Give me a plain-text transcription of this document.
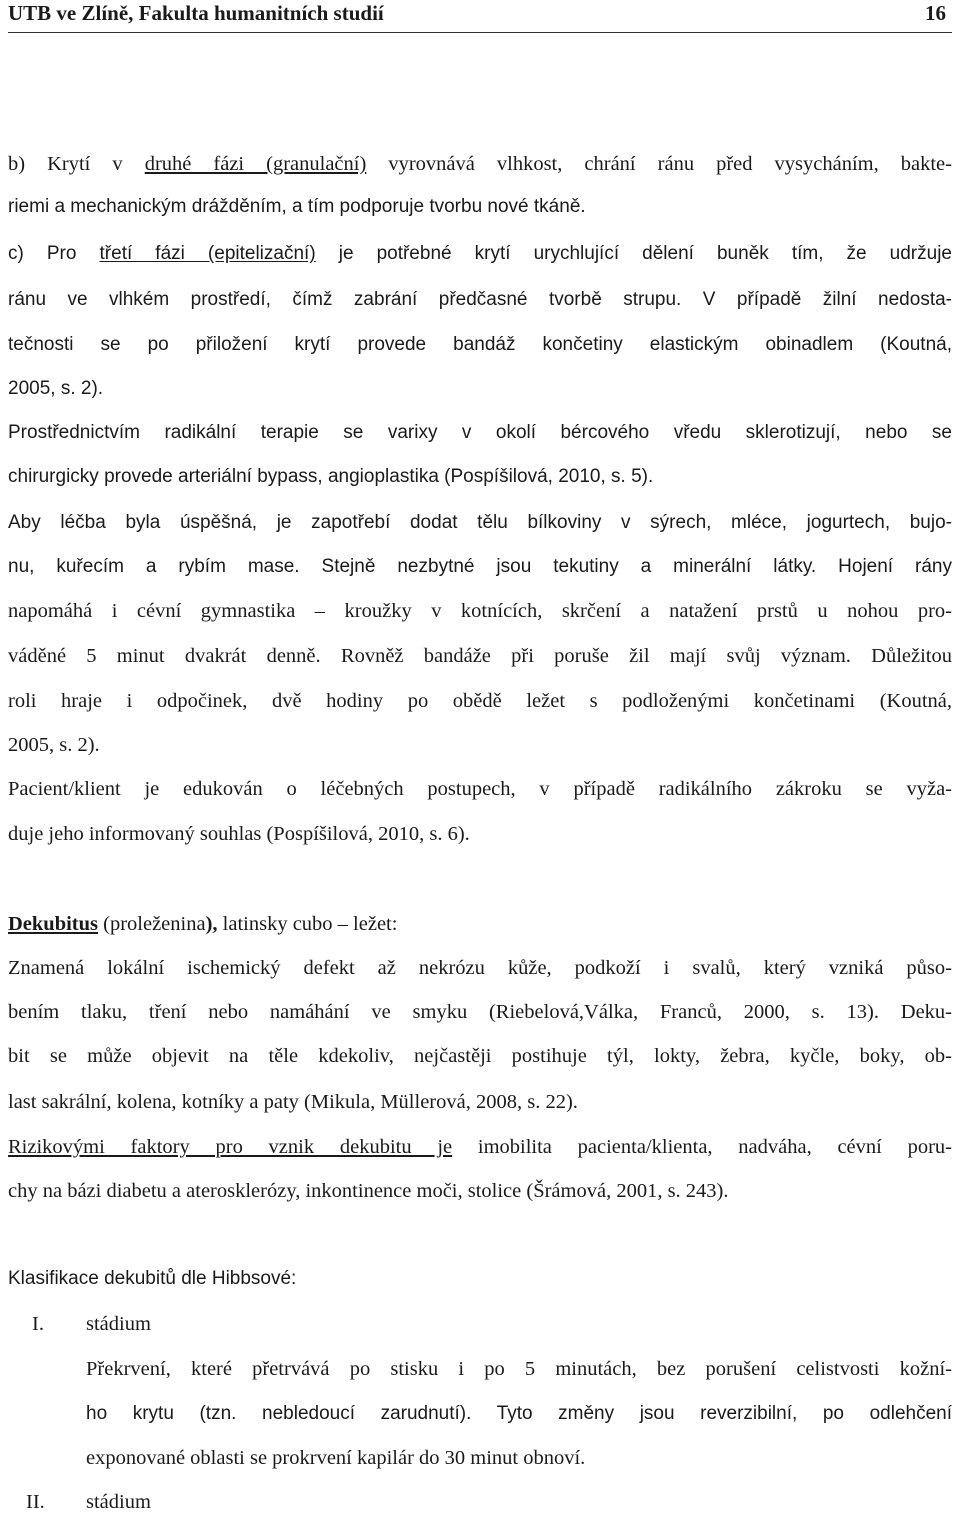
UTB ve Zlíně, Fakulta humanitních studií	16
b) Krytí v druhé fázi (granulační) vyrovnává vlhkost, chrání ránu před vysycháním, bakte-
riemi a mechanickým drážděním, a tím podporuje tvorbu nové tkáně.
c) Pro třetí fázi (epitelizační) je potřebné krytí urychlující dělení buněk tím, že udržuje
ránu ve vlhkém prostředí, čímž zabrání předčasné tvorbě strupu. V případě žilní nedosta-
tečnosti se po přiložení krytí provede bandáž končetiny elastickým obinadlem (Koutná,
2005, s. 2).
Prostřednictvím radikální terapie se varixy v okolí bércového vředu sklerotizují, nebo se
chirurgicky provede arteriální bypass, angioplastika (Pospíšilová, 2010, s. 5).
Aby léčba byla úspěšná, je zapotřebí dodat tělu bílkoviny v sýrech, mléce, jogurtech, bujo-
nu, kuřecím a rybím mase. Stejně nezbytné jsou tekutiny a minerální látky. Hojení rány
napomáhá i cévní gymnastika – kroužky v kotnících, skrčení a natažení prstů u nohou pro-
váděné 5 minut dvakrát denně. Rovněž bandáže při poruše žil mají svůj význam. Důležitou
roli hraje i odpočinek, dvě hodiny po obědě ležet s podloženými končetinami (Koutná,
2005, s. 2).
Pacient/klient je edukován o léčebných postupech, v případě radikálního zákroku se vyža-
duje jeho informovaný souhlas (Pospíšilová, 2010, s. 6).
Dekubitus (proleženina), latinsky cubo – ležet:
Znamená lokální ischemický defekt až nekrózu kůže, podkoží i svalů, který vzniká půso-
bením tlaku, tření nebo namáhání ve smyku (Riebelová,Válka, Franců, 2000, s. 13). Deku-
bit se může objevit na těle kdekoliv, nejčastěji postihuje týl, lokty, žebra, kyčle, boky, ob-
last sakrální, kolena, kotníky a paty (Mikula, Müllerová, 2008, s. 22).
Rizikovými faktory pro vznik dekubitu je imobilita pacienta/klienta, nadváha, cévní poru-
chy na bázi diabetu a aterosklerózy, inkontinence moči, stolice (Šrámová, 2001, s. 243).
Klasifikace dekubitů dle Hibbsové:
I. stádium
Překrvení, které přetrvává po stisku i po 5 minutách, bez porušení celistvosti kožní-
ho krytu (tzn. nebledoucí zarudnutí). Tyto změny jsou reverzibilní, po odlehčení
exponované oblasti se prokrvení kapilár do 30 minut obnoví.
II. stádium
